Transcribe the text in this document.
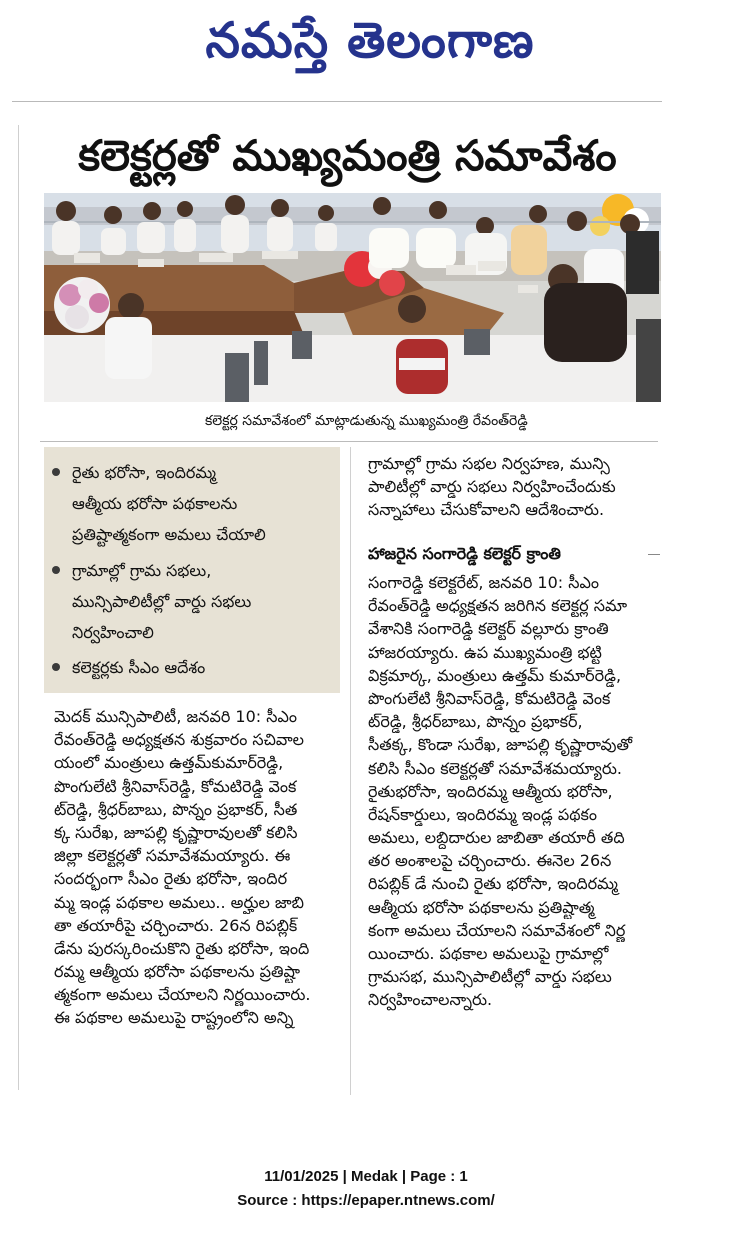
నమస్తే తెలంగాణ
కలెక్టర్లతో ముఖ్యమంత్రి సమావేశం
కలెక్టర్ల సమావేశంలో మాట్లాడుతున్న ముఖ్యమంత్రి రేవంత్‌రెడ్డి
రైతు భరోసా, ఇందిరమ్మ
ఆత్మీయ భరోసా పథకాలను
ప్రతిష్టాత్మకంగా అమలు చేయాలి
గ్రామాల్లో గ్రామ సభలు,
మున్సిపాలిటీల్లో వార్డు సభలు
నిర్వహించాలి
కలెక్టర్లకు సీఎం ఆదేశం
మెదక్ మున్సిపాలిటీ, జనవరి 10: సీఎం
రేవంత్‌రెడ్డి అధ్యక్షతన శుక్రవారం సచివాల
యంలో మంత్రులు ఉత్తమ్‌కుమార్‌రెడ్డి,
పొంగులేటి శ్రీనివాస్‌రెడ్డి, కోమటిరెడ్డి వెంక
ట్‌రెడ్డి, శ్రీధర్‌బాబు, పొన్నం ప్రభాకర్, సీత
క్క సురేఖ, జూపల్లి కృష్ణారావులతో కలిసి
జిల్లా కలెక్టర్లతో సమావేశమయ్యారు. ఈ
సందర్భంగా సీఎం రైతు భరోసా, ఇందిర
మ్మ ఇండ్ల పథకాల అమలు.. అర్హుల జాబి
తా తయారీపై చర్చించారు. 26న రిపబ్లిక్
డేను పురస్కరించుకొని రైతు భరోసా, ఇంది
రమ్మ ఆత్మీయ భరోసా పథకాలను ప్రతిష్టా
త్మకంగా అమలు చేయాలని నిర్ణయించారు.
ఈ పథకాల అమలుపై రాష్ట్రంలోని అన్ని
గ్రామాల్లో గ్రామ సభల నిర్వహణ, మున్సి
పాలిటీల్లో వార్డు సభలు నిర్వహించేందుకు
సన్నాహాలు చేసుకోవాలని ఆదేశించారు.
హాజరైన సంగారెడ్డి కలెక్టర్ క్రాంతి
సంగారెడ్డి కలెక్టరేట్, జనవరి 10: సీఎం
రేవంత్‌రెడ్డి అధ్యక్షతన జరిగిన కలెక్టర్ల సమా
వేశానికి సంగారెడ్డి కలెక్టర్ వల్లూరు క్రాంతి
హాజరయ్యారు. ఉప ముఖ్యమంత్రి భట్టి
విక్రమార్క, మంత్రులు ఉత్తమ్ కుమార్‌రెడ్డి,
పొంగులేటి శ్రీనివాస్‌రెడ్డి, కోమటిరెడ్డి వెంక
ట్‌రెడ్డి, శ్రీధర్‌బాబు, పొన్నం ప్రభాకర్,
సీతక్క, కొండా సురేఖ, జూపల్లి కృష్ణారావుతో
కలిసి సీఎం కలెక్టర్లతో సమావేశమయ్యారు.
రైతుభరోసా, ఇందిరమ్మ ఆత్మీయ భరోసా,
రేషన్‌కార్డులు, ఇందిరమ్మ ఇండ్ల పథకం
అమలు, లబ్ధిదారుల జాబితా తయారీ తది
తర అంశాలపై చర్చించారు. ఈనెల 26న
రిపబ్లిక్ డే నుంచి రైతు భరోసా, ఇందిరమ్మ
ఆత్మీయ భరోసా పథకాలను ప్రతిష్టాత్మ
కంగా అమలు చేయాలని సమావేశంలో నిర్ణ
యించారు. పథకాల అమలుపై గ్రామాల్లో
గ్రామసభ, మున్సిపాలిటీల్లో వార్డు సభలు
నిర్వహించాలన్నారు.
11/01/2025 | Medak | Page : 1
Source : https://epaper.ntnews.com/
